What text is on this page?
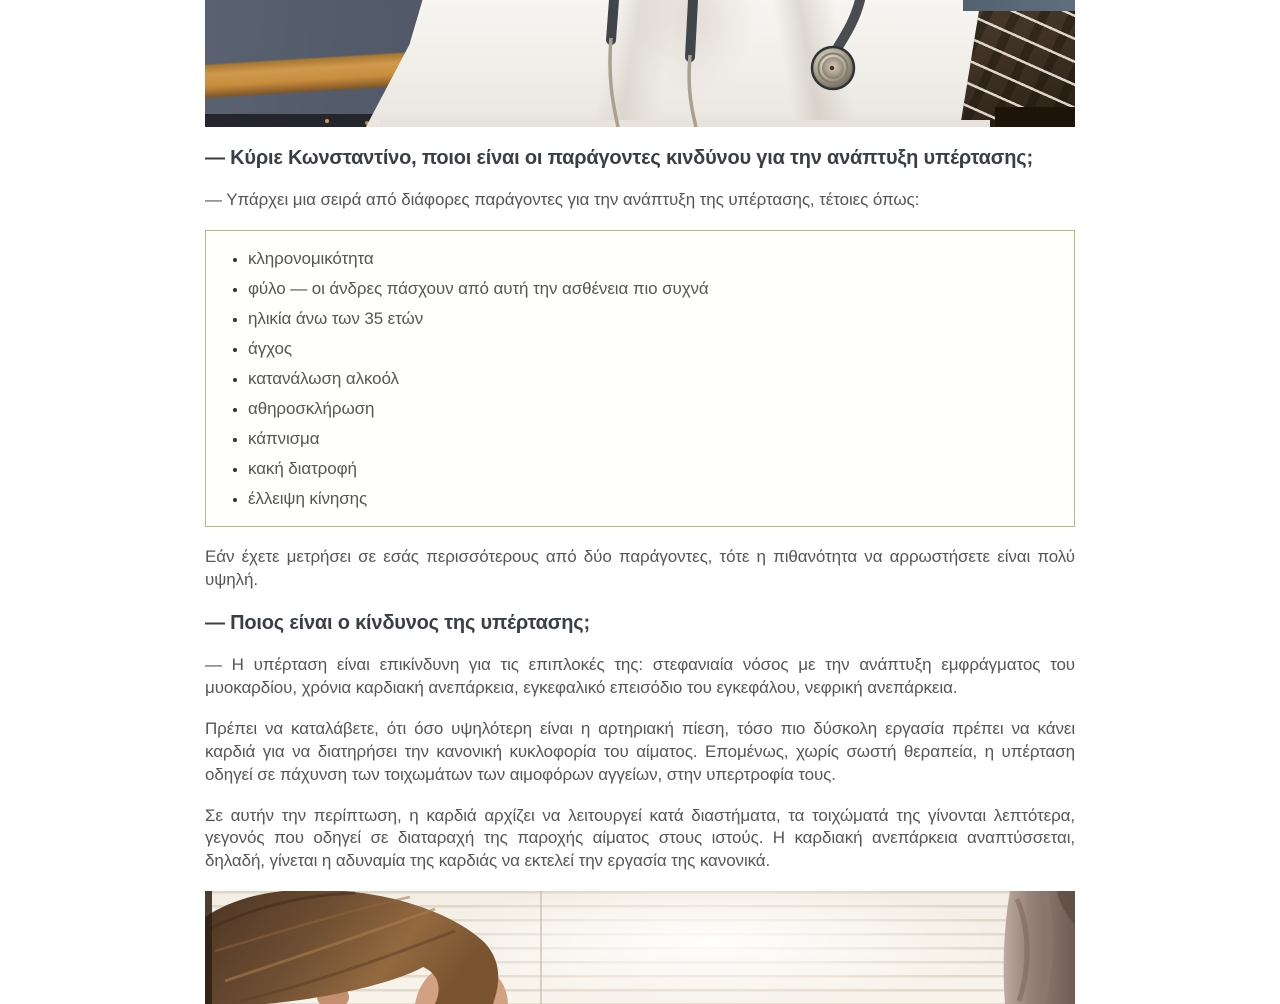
— Κύριε Κωνσταντίνο, ποιοι είναι οι παράγοντες κινδύνου για την ανάπτυξη υπέρτασης;

— Υπάρχει μια σειρά από διάφορες παράγοντες για την ανάπτυξη της υπέρτασης, τέτοιες όπως:

• κληρονομικότητα
• φύλο — οι άνδρες πάσχουν από αυτή την ασθένεια πιο συχνά
• ηλικία άνω των 35 ετών
• άγχος
• κατανάλωση αλκοόλ
• αθηροσκλήρωση
• κάπνισμα
• κακή διατροφή
• έλλειψη κίνησης

Εάν έχετε μετρήσει σε εσάς περισσότερους από δύο παράγοντες, τότε η πιθανότητα να αρρωστήσετε είναι πολύ υψηλή.

— Ποιος είναι ο κίνδυνος της υπέρτασης;

— Η υπέρταση είναι επικίνδυνη για τις επιπλοκές της: στεφανιαία νόσος με την ανάπτυξη εμφράγματος του μυοκαρδίου, χρόνια καρδιακή ανεπάρκεια, εγκεφαλικό επεισόδιο του εγκεφάλου, νεφρική ανεπάρκεια.

Πρέπει να καταλάβετε, ότι όσο υψηλότερη είναι η αρτηριακή πίεση, τόσο πιο δύσκολη εργασία πρέπει να κάνει καρδιά για να διατηρήσει την κανονική κυκλοφορία του αίματος. Επομένως, χωρίς σωστή θεραπεία, η υπέρταση οδηγεί σε πάχυνση των τοιχωμάτων των αιμοφόρων αγγείων, στην υπερτροφία τους.

Σε αυτήν την περίπτωση, η καρδιά αρχίζει να λειτουργεί κατά διαστήματα, τα τοιχώματά της γίνονται λεπτότερα, γεγονός που οδηγεί σε διαταραχή της παροχής αίματος στους ιστούς. Η καρδιακή ανεπάρκεια αναπτύσσεται, δηλαδή, γίνεται η αδυναμία της καρδιάς να εκτελεί την εργασία της κανονικά.
